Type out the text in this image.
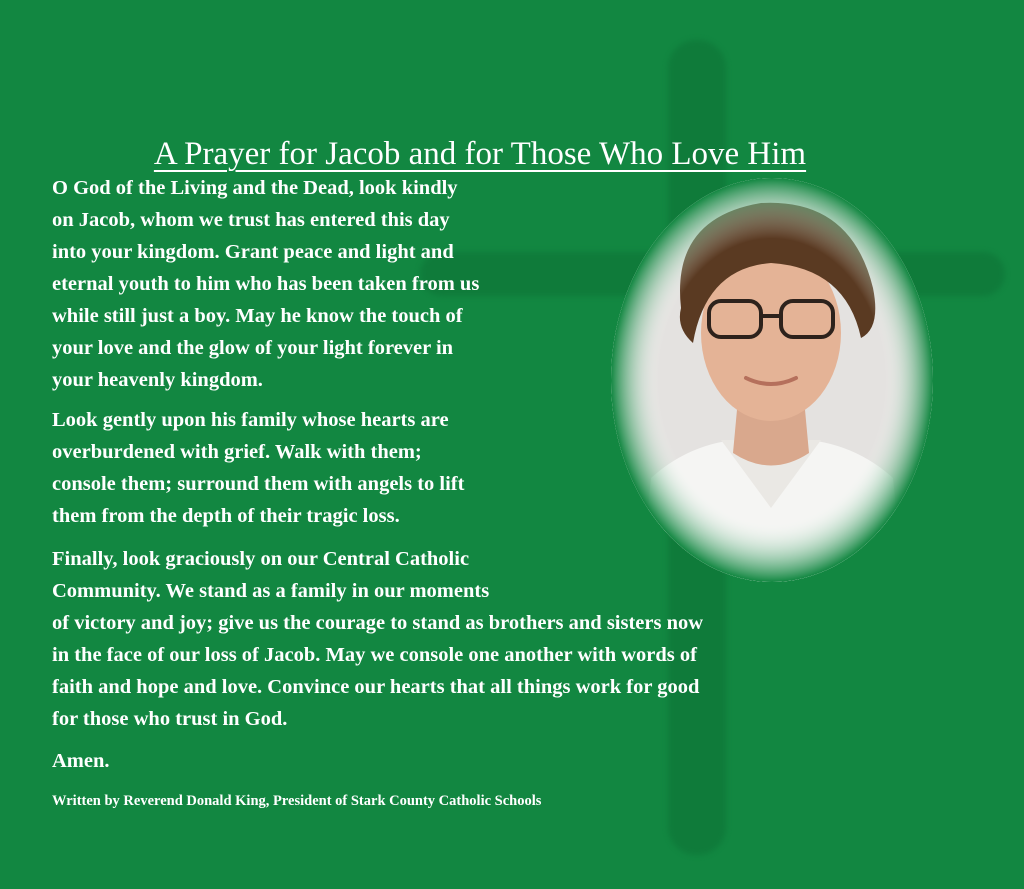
A Prayer for Jacob and for Those Who Love Him

O God of the Living and the Dead, look kindly
on Jacob, whom we trust has entered this day
into your kingdom. Grant peace and light and
eternal youth to him who has been taken from us
while still just a boy. May he know the touch of
your love and the glow of your light forever in
your heavenly kingdom.

Look gently upon his family whose hearts are
overburdened with grief. Walk with them;
console them; surround them with angels to lift
them from the depth of their tragic loss.

Finally, look graciously on our Central Catholic
Community. We stand as a family in our moments
of victory and joy; give us the courage to stand as brothers and sisters now
in the face of our loss of Jacob. May we console one another with words of
faith and hope and love. Convince our hearts that all things work for good
for those who trust in God.

Amen.
Written by Reverend Donald King, President of Stark County Catholic Schools
